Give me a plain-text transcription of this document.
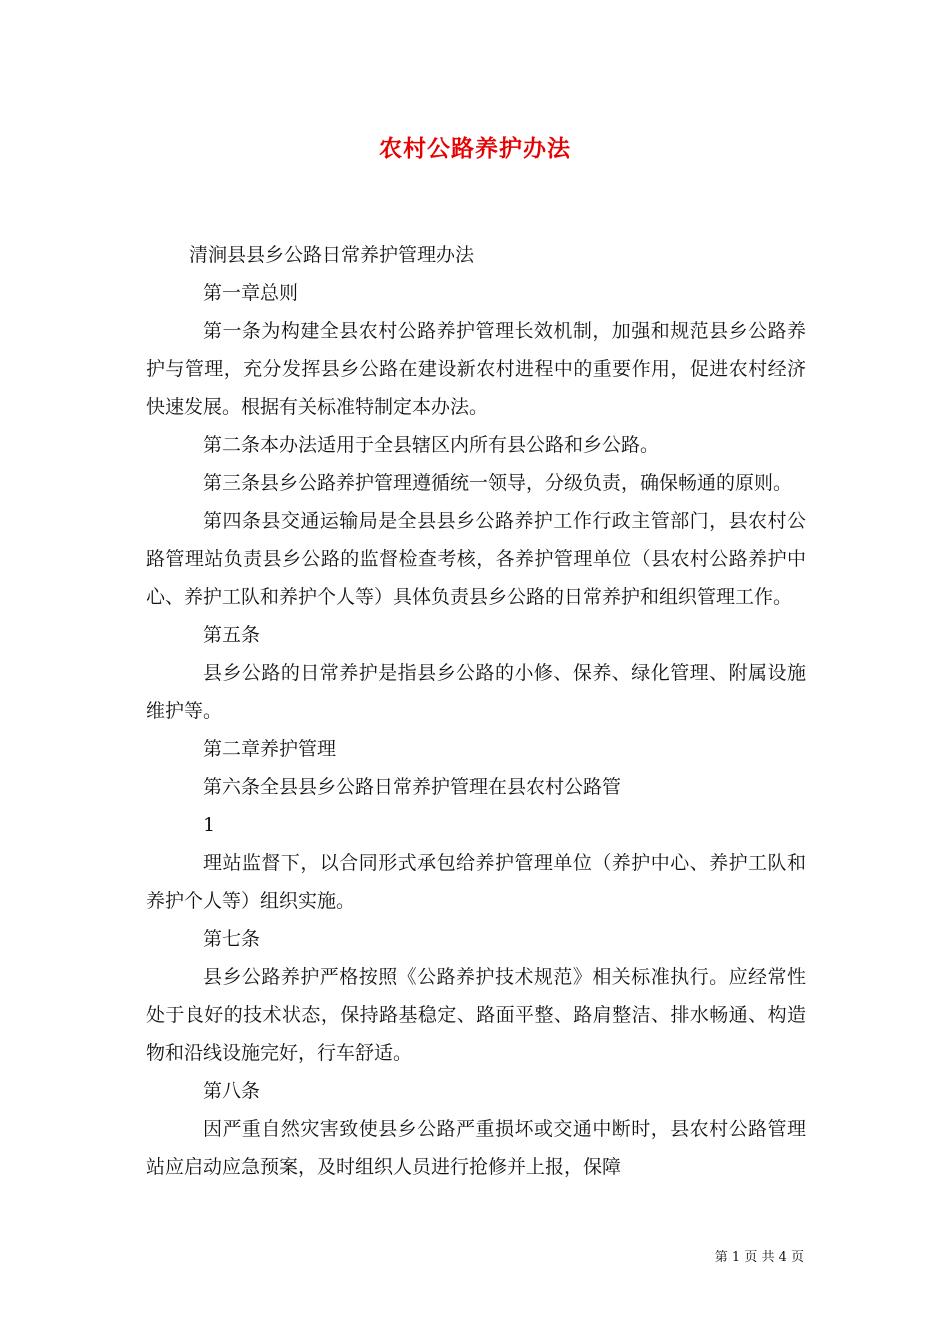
农村公路养护办法

清涧县县乡公路日常养护管理办法

第一章总则

第一条为构建全县农村公路养护管理长效机制，加强和规范县乡公路养护与管理，充分发挥县乡公路在建设新农村进程中的重要作用，促进农村经济快速发展。根据有关标准特制定本办法。

第二条本办法适用于全县辖区内所有县公路和乡公路。

第三条县乡公路养护管理遵循统一领导，分级负责，确保畅通的原则。

第四条县交通运输局是全县县乡公路养护工作行政主管部门，县农村公路管理站负责县乡公路的监督检查考核，各养护管理单位（县农村公路养护中心、养护工队和养护个人等）具体负责县乡公路的日常养护和组织管理工作。

第五条

县乡公路的日常养护是指县乡公路的小修、保养、绿化管理、附属设施维护等。

第二章养护管理

第六条全县县乡公路日常养护管理在县农村公路管

1

理站监督下，以合同形式承包给养护管理单位（养护中心、养护工队和养护个人等）组织实施。

第七条

县乡公路养护严格按照《公路养护技术规范》相关标准执行。应经常性处于良好的技术状态，保持路基稳定、路面平整、路肩整洁、排水畅通、构造物和沿线设施完好，行车舒适。

第八条

因严重自然灾害致使县乡公路严重损坏或交通中断时，县农村公路管理站应启动应急预案，及时组织人员进行抢修并上报，保障

第 1 页 共 4 页
